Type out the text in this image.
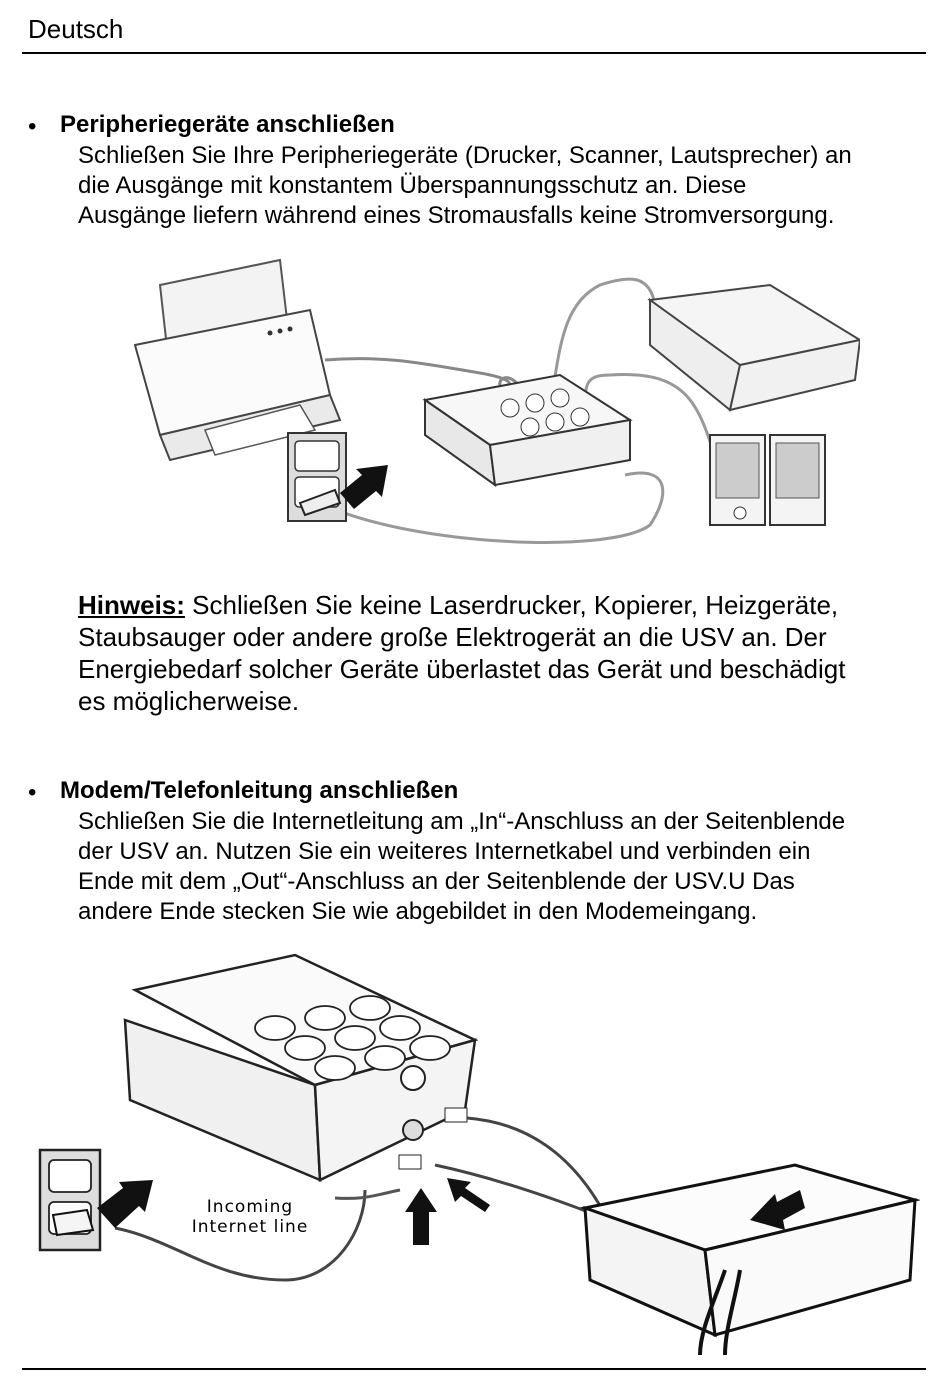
Deutsch
• Peripheriegeräte anschließen
Schließen Sie Ihre Peripheriegeräte (Drucker, Scanner, Lautsprecher) an
die Ausgänge mit konstantem Überspannungsschutz an. Diese
Ausgänge liefern während eines Stromausfalls keine Stromversorgung.
Hinweis: Schließen Sie keine Laserdrucker, Kopierer, Heizgeräte,
Staubsauger oder andere große Elektrogerät an die USV an. Der
Energiebedarf solcher Geräte überlastet das Gerät und beschädigt
es möglicherweise.
• Modem/Telefonleitung anschließen
Schließen Sie die Internetleitung am „In“-Anschluss an der Seitenblende
der USV an. Nutzen Sie ein weiteres Internetkabel und verbinden ein
Ende mit dem „Out“-Anschluss an der Seitenblende der USV.U Das
andere Ende stecken Sie wie abgebildet in den Modemeingang.
Incoming
Internet line
